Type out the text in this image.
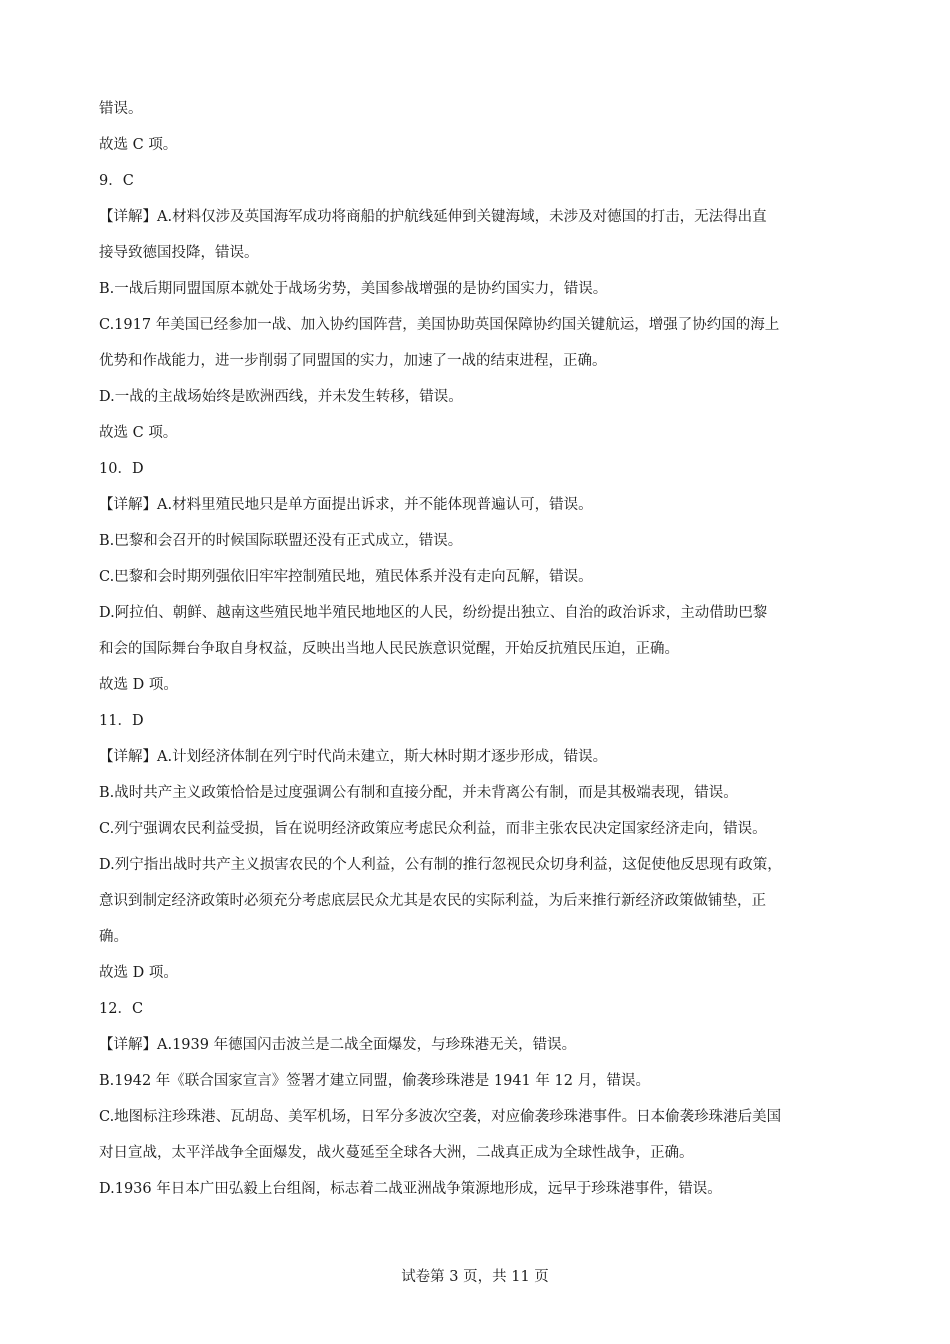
错误。

故选 C 项。

9．C

【详解】A.材料仅涉及英国海军成功将商船的护航线延伸到关键海域，未涉及对德国的打击，无法得出直

接导致德国投降，错误。

B.一战后期同盟国原本就处于战场劣势，美国参战增强的是协约国实力，错误。

C.1917 年美国已经参加一战、加入协约国阵营，美国协助英国保障协约国关键航运，增强了协约国的海上

优势和作战能力，进一步削弱了同盟国的实力，加速了一战的结束进程，正确。

D.一战的主战场始终是欧洲西线，并未发生转移，错误。

故选 C 项。

10．D

【详解】A.材料里殖民地只是单方面提出诉求，并不能体现普遍认可，错误。

B.巴黎和会召开的时候国际联盟还没有正式成立，错误。

C.巴黎和会时期列强依旧牢牢控制殖民地，殖民体系并没有走向瓦解，错误。

D.阿拉伯、朝鲜、越南这些殖民地半殖民地地区的人民，纷纷提出独立、自治的政治诉求，主动借助巴黎

和会的国际舞台争取自身权益，反映出当地人民民族意识觉醒，开始反抗殖民压迫，正确。

故选 D 项。

11．D

【详解】A.计划经济体制在列宁时代尚未建立，斯大林时期才逐步形成，错误。

B.战时共产主义政策恰恰是过度强调公有制和直接分配，并未背离公有制，而是其极端表现，错误。

C.列宁强调农民利益受损，旨在说明经济政策应考虑民众利益，而非主张农民决定国家经济走向，错误。

D.列宁指出战时共产主义损害农民的个人利益，公有制的推行忽视民众切身利益，这促使他反思现有政策，

意识到制定经济政策时必须充分考虑底层民众尤其是农民的实际利益，为后来推行新经济政策做铺垫，正

确。

故选 D 项。

12．C

【详解】A.1939 年德国闪击波兰是二战全面爆发，与珍珠港无关，错误。

B.1942 年《联合国家宣言》签署才建立同盟，偷袭珍珠港是 1941 年 12 月，错误。

C.地图标注珍珠港、瓦胡岛、美军机场，日军分多波次空袭，对应偷袭珍珠港事件。日本偷袭珍珠港后美国

对日宣战，太平洋战争全面爆发，战火蔓延至全球各大洲，二战真正成为全球性战争，正确。

D.1936 年日本广田弘毅上台组阁，标志着二战亚洲战争策源地形成，远早于珍珠港事件，错误。

试卷第 3 页，共 11 页
